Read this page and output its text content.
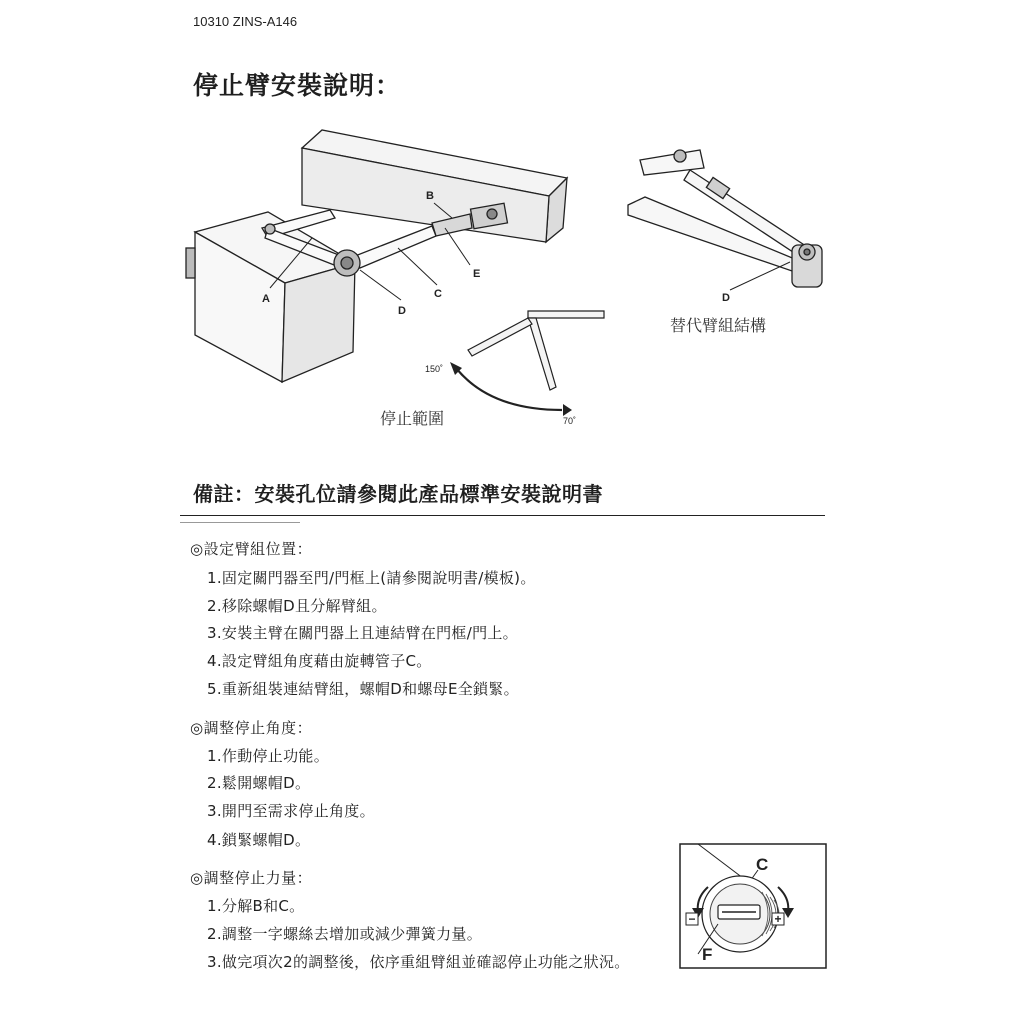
10310 ZINS-A146
停止臂安裝說明：
A
B
C
D
E
D
替代臂組結構
150˚
70˚
停止範圍
備註：安裝孔位請參閱此產品標準安裝說明書
◎設定臂組位置：
1.固定關門器至門/門框上(請參閱說明書/模板)。
2.移除螺帽D且分解臂組。
3.安裝主臂在關門器上且連結臂在門框/門上。
4.設定臂組角度藉由旋轉管子C。
5.重新組裝連結臂組，螺帽D和螺母E全鎖緊。
◎調整停止角度：
1.作動停止功能。
2.鬆開螺帽D。
3.開門至需求停止角度。
4.鎖緊螺帽D。
◎調整停止力量：
1.分解B和C。
2.調整一字螺絲去增加或減少彈簧力量。
3.做完項次2的調整後，依序重組臂組並確認停止功能之狀況。
−	+
C
F
